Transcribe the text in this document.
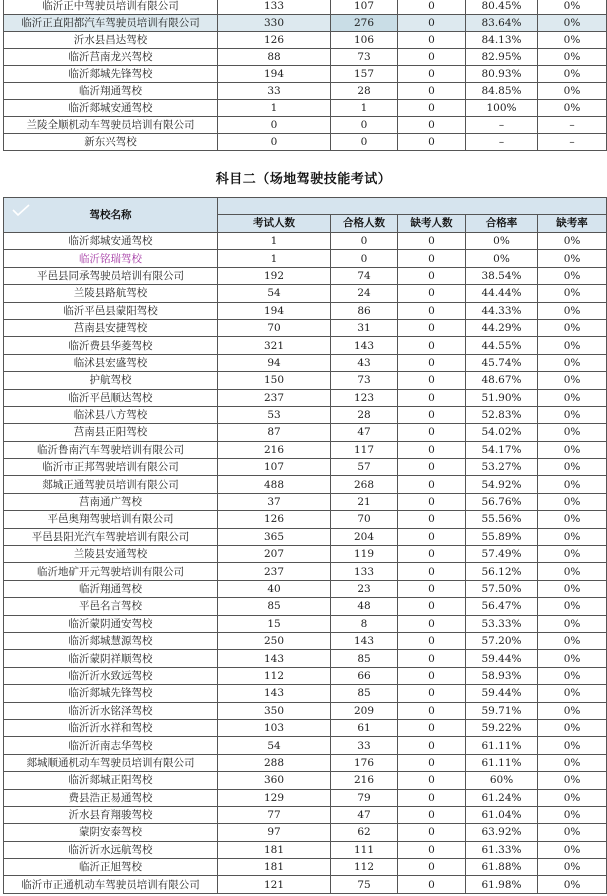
临沂正中驾驶员培训有限公司	133	107	0	80.45%	0%
临沂正直阳都汽车驾驶员培训有限公司	330	276	0	83.64%	0%
沂水县昌达驾校	126	106	0	84.13%	0%
临沂莒南龙兴驾校	88	73	0	82.95%	0%
临沂郯城先锋驾校	194	157	0	80.93%	0%
临沂翔通驾校	33	28	0	84.85%	0%
临沂郯城安通驾校	1	1	0	100%	0%
兰陵全顺机动车驾驶员培训有限公司	0	0	0	–	–
新东兴驾校	0	0	0	–	–
科目二（场地驾驶技能考试）
驾校名称					
	考试人数	合格人数	缺考人数	合格率	缺考率
临沂郯城安通驾校	1	0	0	0%	0%
临沂铭瑞驾校	1	0	0	0%	0%
平邑县同承驾驶员培训有限公司	192	74	0	38.54%	0%
兰陵县路航驾校	54	24	0	44.44%	0%
临沂平邑县蒙阳驾校	194	86	0	44.33%	0%
莒南县安捷驾校	70	31	0	44.29%	0%
临沂费县华菱驾校	321	143	0	44.55%	0%
临沭县宏盛驾校	94	43	0	45.74%	0%
护航驾校	150	73	0	48.67%	0%
临沂平邑顺达驾校	237	123	0	51.90%	0%
临沭县八方驾校	53	28	0	52.83%	0%
莒南县正阳驾校	87	47	0	54.02%	0%
临沂鲁南汽车驾驶培训有限公司	216	117	0	54.17%	0%
临沂市正邦驾驶培训有限公司	107	57	0	53.27%	0%
郯城正通驾驶员培训有限公司	488	268	0	54.92%	0%
莒南通广驾校	37	21	0	56.76%	0%
平邑奥翔驾驶培训有限公司	126	70	0	55.56%	0%
平邑县阳光汽车驾驶培训有限公司	365	204	0	55.89%	0%
兰陵县安通驾校	207	119	0	57.49%	0%
临沂地矿开元驾驶培训有限公司	237	133	0	56.12%	0%
临沂翔通驾校	40	23	0	57.50%	0%
平邑名言驾校	85	48	0	56.47%	0%
临沂蒙阴通安驾校	15	8	0	53.33%	0%
临沂郯城慧源驾校	250	143	0	57.20%	0%
临沂蒙阴祥顺驾校	143	85	0	59.44%	0%
临沂沂水致远驾校	112	66	0	58.93%	0%
临沂郯城先锋驾校	143	85	0	59.44%	0%
临沂沂水铭泽驾校	350	209	0	59.71%	0%
临沂沂水祥和驾校	103	61	0	59.22%	0%
临沂沂南志华驾校	54	33	0	61.11%	0%
郯城顺通机动车驾驶员培训有限公司	288	176	0	61.11%	0%
临沂郯城正阳驾校	360	216	0	60%	0%
费县浩正易通驾校	129	79	0	61.24%	0%
沂水县育翔骏驾校	77	47	0	61.04%	0%
蒙阴安泰驾校	97	62	0	63.92%	0%
临沂沂水远航驾校	181	111	0	61.33%	0%
临沂正旭驾校	181	112	0	61.88%	0%
临沂市正通机动车驾驶员培训有限公司	121	75	0	61.98%	0%
